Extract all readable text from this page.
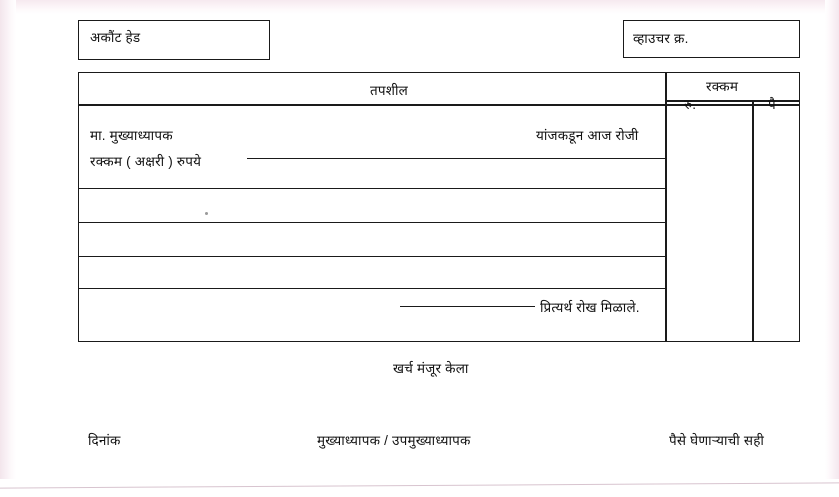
अकौंट हेड	व्हाउचर क्र.
तपशील	रक्कम
रु.	पै
मा. मुख्याध्यापक	यांजकडून आज रोजी
रक्कम ( अक्षरी ) रुपये
प्रित्यर्थ रोख मिळाले.
खर्च मंजूर केला
दिनांक	मुख्याध्यापक / उपमुख्याध्यापक	पैसे घेणाऱ्याची सही
